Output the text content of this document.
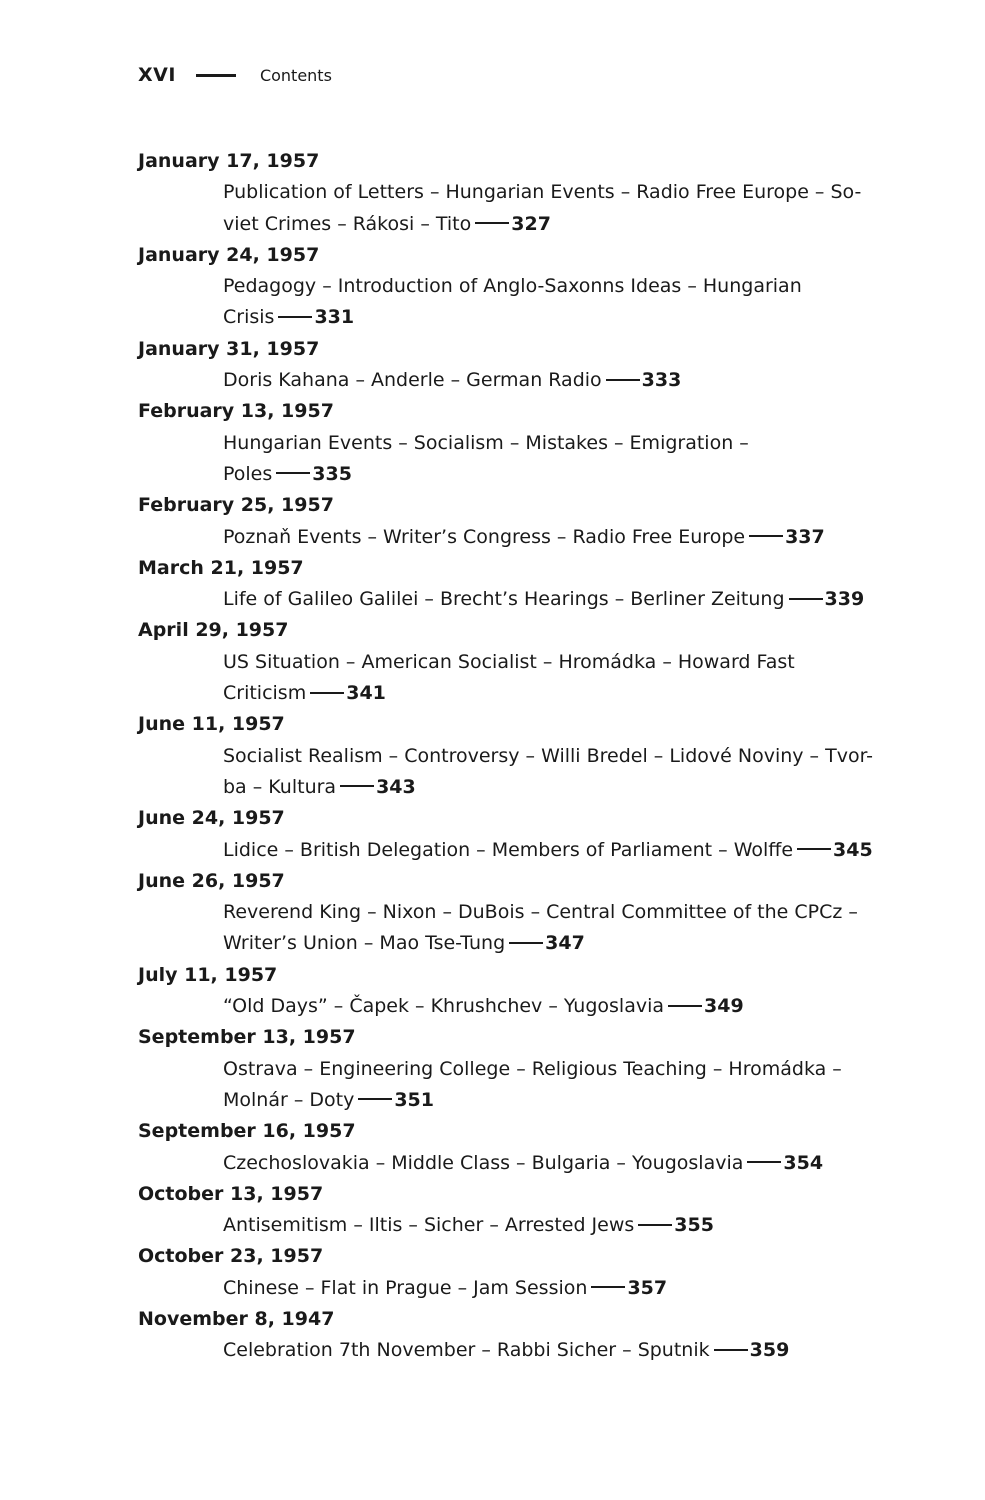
XVI	Contents
January 17, 1957
Publication of Letters – Hungarian Events – Radio Free Europe – So-
viet Crimes – Rákosi – Tito 327
January 24, 1957
Pedagogy – Introduction of Anglo-Saxonns Ideas – Hungarian
Crisis 331
January 31, 1957
Doris Kahana – Anderle – German Radio 333
February 13, 1957
Hungarian Events – Socialism – Mistakes – Emigration –
Poles 335
February 25, 1957
Poznaň Events – Writer’s Congress – Radio Free Europe 337
March 21, 1957
Life of Galileo Galilei – Brecht’s Hearings – Berliner Zeitung 339
April 29, 1957
US Situation – American Socialist – Hromádka – Howard Fast
Criticism 341
June 11, 1957
Socialist Realism – Controversy – Willi Bredel – Lidové Noviny – Tvor-
ba – Kultura 343
June 24, 1957
Lidice – British Delegation – Members of Parliament – Wolffe 345
June 26, 1957
Reverend King – Nixon – DuBois – Central Committee of the CPCz –
Writer’s Union – Mao Tse-Tung 347
July 11, 1957
“Old Days” – Čapek – Khrushchev – Yugoslavia 349
September 13, 1957
Ostrava – Engineering College – Religious Teaching – Hromádka –
Molnár – Doty 351
September 16, 1957
Czechoslovakia – Middle Class – Bulgaria – Yougoslavia 354
October 13, 1957
Antisemitism – Iltis – Sicher – Arrested Jews 355
October 23, 1957
Chinese – Flat in Prague – Jam Session 357
November 8, 1947
Celebration 7th November – Rabbi Sicher – Sputnik 359
